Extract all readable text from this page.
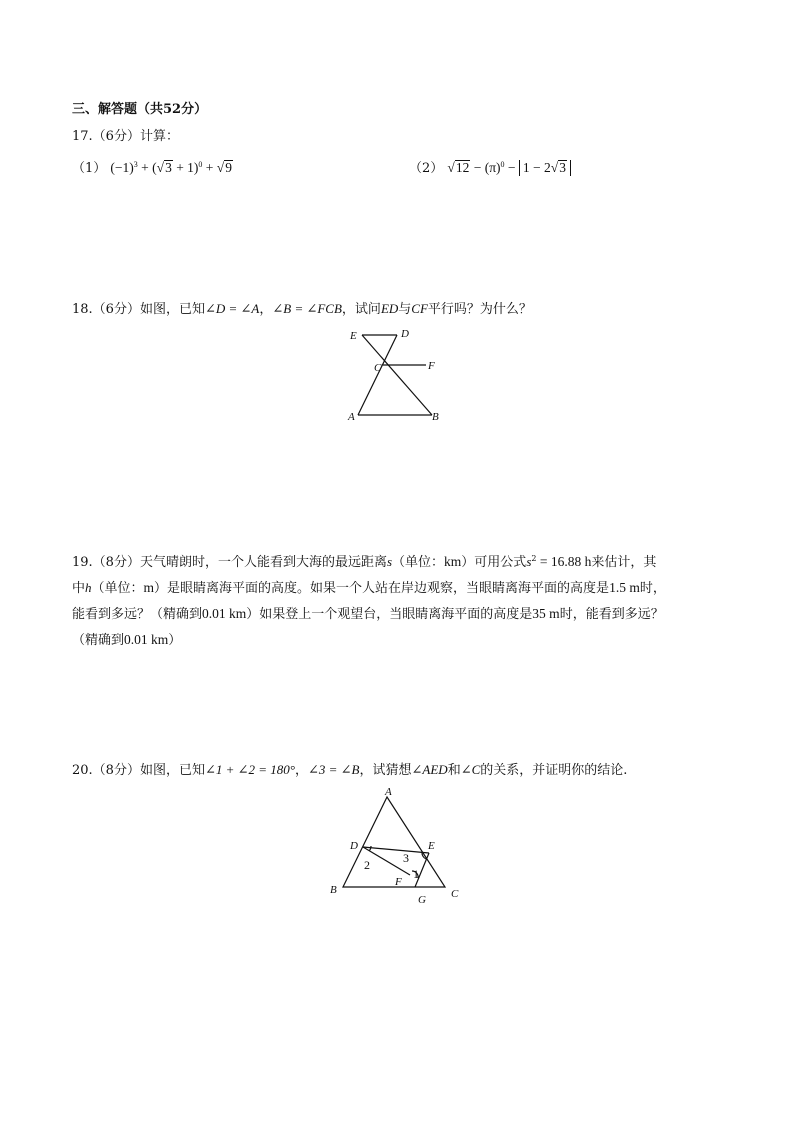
三、解答题（共52分）
17.（6分）计算：
（1） $(-1)^3 + (√3 + 1)^0 + √9$	（2） $√12 - (\pi)^0 - 1 - 2√3$
18.（6分）如图，已知∠D = ∠A，∠B = ∠FCB，试问ED与CF平行吗？为什么？
E	D
C	F
A	B
19.（8分）天气晴朗时，一个人能看到大海的最远距离s（单位：km）可用公式$s^2 = 16.88$ h来估计，其
中h（单位：m）是眼睛离海平面的高度。如果一个人站在岸边观察，当眼睛离海平面的高度是1.5 m时，
能看到多远？（精确到0.01 km）如果登上一个观望台，当眼睛离海平面的高度是35 m时，能看到多远？
（精确到0.01 km）
20.（8分）如图，已知∠1 + ∠2 = 180°，∠3 = ∠B，试猜想∠AED和∠C的关系，并证明你的结论.
A
D	E
B
F
G C
1
2	3
